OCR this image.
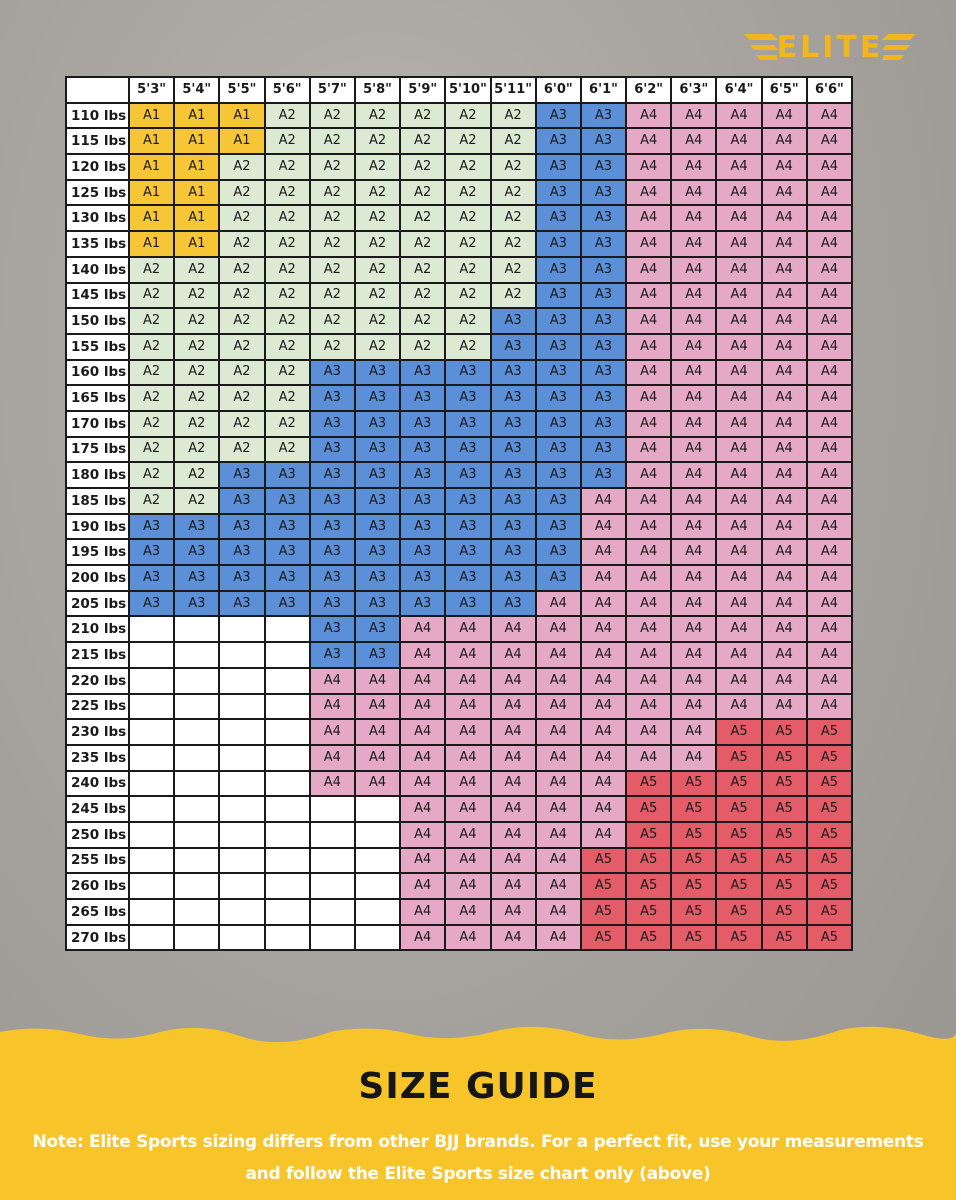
ELITE
	5'3"	5'4"	5'5"	5'6"	5'7"	5'8"	5'9"	5'10"	5'11"	6'0"	6'1"	6'2"	6'3"	6'4"	6'5"	6'6"
110 lbs	A1	A1	A1	A2	A2	A2	A2	A2	A2	A3	A3	A4	A4	A4	A4	A4
115 lbs	A1	A1	A1	A2	A2	A2	A2	A2	A2	A3	A3	A4	A4	A4	A4	A4
120 lbs	A1	A1	A2	A2	A2	A2	A2	A2	A2	A3	A3	A4	A4	A4	A4	A4
125 lbs	A1	A1	A2	A2	A2	A2	A2	A2	A2	A3	A3	A4	A4	A4	A4	A4
130 lbs	A1	A1	A2	A2	A2	A2	A2	A2	A2	A3	A3	A4	A4	A4	A4	A4
135 lbs	A1	A1	A2	A2	A2	A2	A2	A2	A2	A3	A3	A4	A4	A4	A4	A4
140 lbs	A2	A2	A2	A2	A2	A2	A2	A2	A2	A3	A3	A4	A4	A4	A4	A4
145 lbs	A2	A2	A2	A2	A2	A2	A2	A2	A2	A3	A3	A4	A4	A4	A4	A4
150 lbs	A2	A2	A2	A2	A2	A2	A2	A2	A3	A3	A3	A4	A4	A4	A4	A4
155 lbs	A2	A2	A2	A2	A2	A2	A2	A2	A3	A3	A3	A4	A4	A4	A4	A4
160 lbs	A2	A2	A2	A2	A3	A3	A3	A3	A3	A3	A3	A4	A4	A4	A4	A4
165 lbs	A2	A2	A2	A2	A3	A3	A3	A3	A3	A3	A3	A4	A4	A4	A4	A4
170 lbs	A2	A2	A2	A2	A3	A3	A3	A3	A3	A3	A3	A4	A4	A4	A4	A4
175 lbs	A2	A2	A2	A2	A3	A3	A3	A3	A3	A3	A3	A4	A4	A4	A4	A4
180 lbs	A2	A2	A3	A3	A3	A3	A3	A3	A3	A3	A3	A4	A4	A4	A4	A4
185 lbs	A2	A2	A3	A3	A3	A3	A3	A3	A3	A3	A4	A4	A4	A4	A4	A4
190 lbs	A3	A3	A3	A3	A3	A3	A3	A3	A3	A3	A4	A4	A4	A4	A4	A4
195 lbs	A3	A3	A3	A3	A3	A3	A3	A3	A3	A3	A4	A4	A4	A4	A4	A4
200 lbs	A3	A3	A3	A3	A3	A3	A3	A3	A3	A3	A4	A4	A4	A4	A4	A4
205 lbs	A3	A3	A3	A3	A3	A3	A3	A3	A3	A4	A4	A4	A4	A4	A4	A4
210 lbs					A3	A3	A4	A4	A4	A4	A4	A4	A4	A4	A4	A4
215 lbs					A3	A3	A4	A4	A4	A4	A4	A4	A4	A4	A4	A4
220 lbs					A4	A4	A4	A4	A4	A4	A4	A4	A4	A4	A4	A4
225 lbs					A4	A4	A4	A4	A4	A4	A4	A4	A4	A4	A4	A4
230 lbs					A4	A4	A4	A4	A4	A4	A4	A4	A4	A5	A5	A5
235 lbs					A4	A4	A4	A4	A4	A4	A4	A4	A4	A5	A5	A5
240 lbs					A4	A4	A4	A4	A4	A4	A4	A5	A5	A5	A5	A5
245 lbs							A4	A4	A4	A4	A4	A5	A5	A5	A5	A5
250 lbs							A4	A4	A4	A4	A4	A5	A5	A5	A5	A5
255 lbs							A4	A4	A4	A4	A5	A5	A5	A5	A5	A5
260 lbs							A4	A4	A4	A4	A5	A5	A5	A5	A5	A5
265 lbs							A4	A4	A4	A4	A5	A5	A5	A5	A5	A5
270 lbs							A4	A4	A4	A4	A5	A5	A5	A5	A5	A5
SIZE GUIDE
Note: Elite Sports sizing differs from other BJJ brands. For a perfect fit, use your measurements
and follow the Elite Sports size chart only (above)
